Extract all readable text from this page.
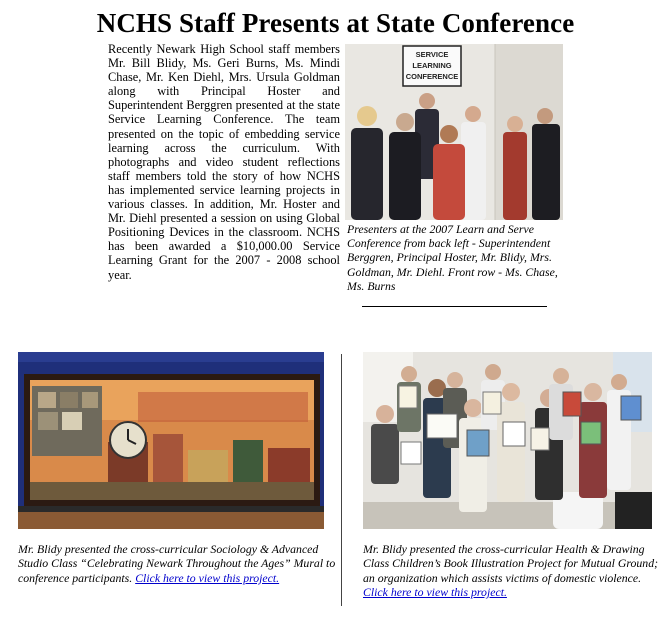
NCHS Staff Presents at State Conference

Recently Newark High School staff members Mr. Bill Blidy, Ms. Geri Burns, Ms. Mindi Chase, Mr. Ken Diehl, Mrs. Ursula Goldman along with Principal Hoster and Superintendent Berggren presented at the state Service Learning Conference. The team presented on the topic of embedding service learning across the curriculum. With photographs and video student reflections staff members told the story of how NCHS has implemented service learning projects in various classes. In addition, Mr. Hoster and Mr. Diehl presented a session on using Global Positioning Devices in the classroom. NCHS has been awarded a $10,000.00 Service Learning Grant for the 2007 - 2008 school year.

SERVICE
LEARNING
CONFERENCE

Presenters at the 2007 Learn and Serve Conference from back left - Superintendent Berggren, Principal Hoster, Mr. Blidy, Mrs. Goldman, Mr. Diehl. Front row - Ms. Chase, Ms. Burns

Mr. Blidy presented the cross-curricular Sociology & Advanced Studio Class “Celebrating Newark Throughout the Ages” Mural to conference participants. Click here to view this project.

Mr. Blidy presented the cross-curricular Health & Drawing Class Children’s Book Illustration Project for Mutual Ground; an organization which assists victims of domestic violence. Click here to view this project.
